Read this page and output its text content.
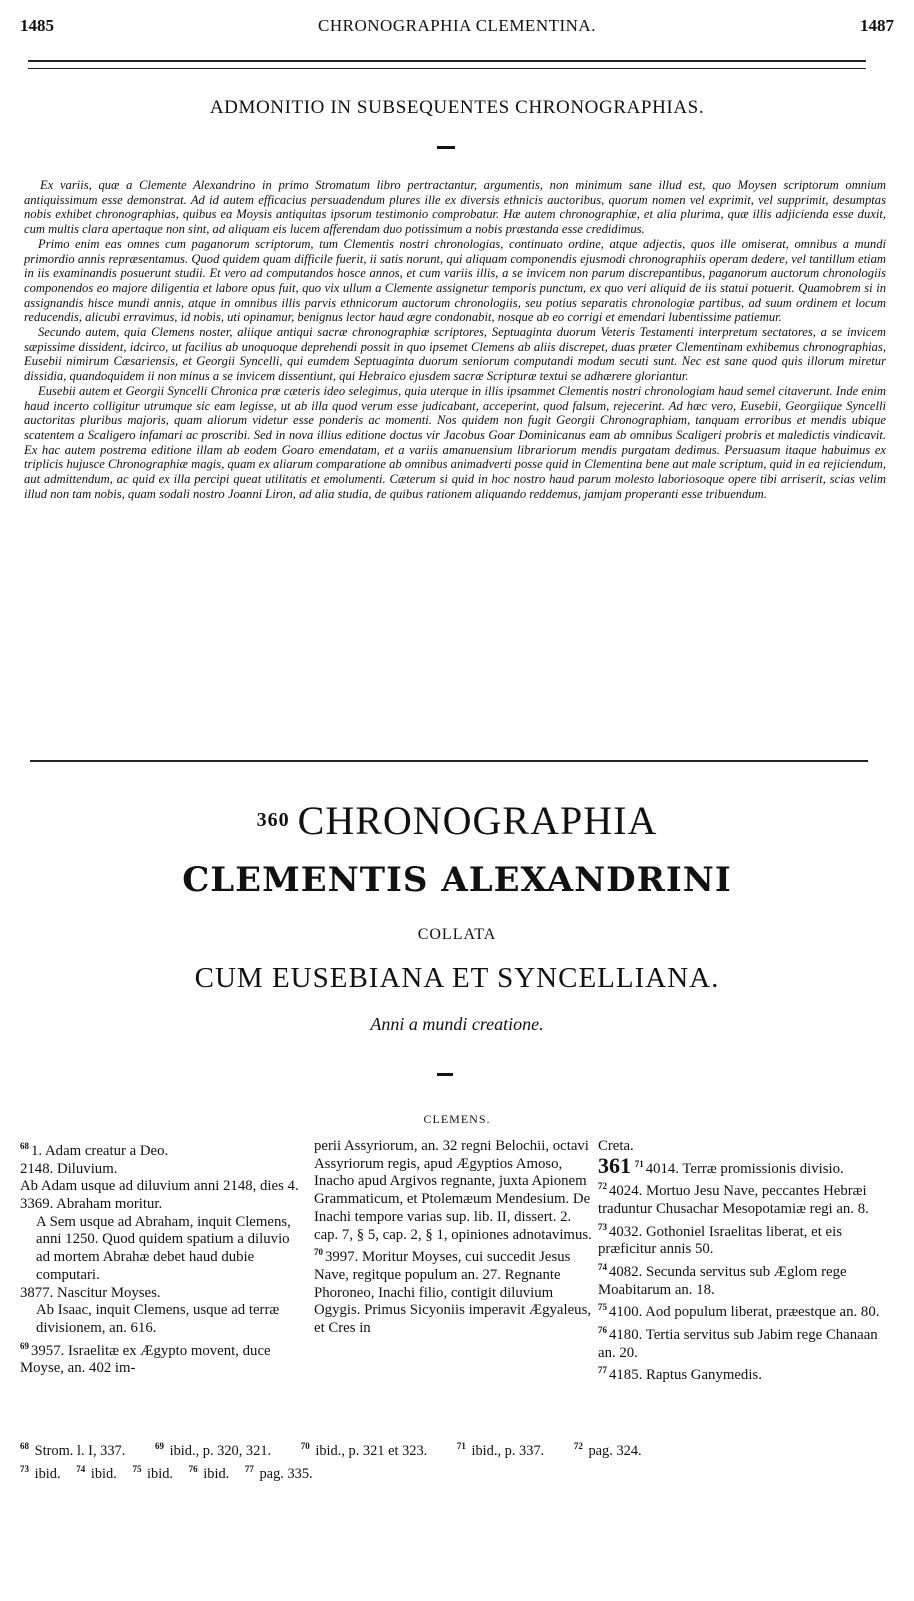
1485	CHRONOGRAPHIA CLEMENTINA.	1487
ADMONITIO IN SUBSEQUENTES CHRONOGRAPHIAS.

Ex variis, quæ a Clemente Alexandrino in primo Stromatum libro pertractantur, argumentis, non minimum sane illud est, quo Moysen scriptorum omnium antiquissimum esse demonstrat. Ad id autem efficacius persuadendum plures ille ex diversis ethnicis auctoribus, quorum nomen vel exprimit, vel supprimit, desumptas nobis exhibet chronographias, quibus ea Moysis antiquitas ipsorum testimonio comprobatur. Hæ autem chronographiæ, et alia plurima, quæ illis adjicienda esse duxit, cum multis clara apertaque non sint, ad aliquam eis lucem afferendam duo potissimum a nobis præstanda esse credidimus.

Primo enim eas omnes cum paganorum scriptorum, tum Clementis nostri chronologias, continuato ordine, atque adjectis, quos ille omiserat, omnibus a mundi primordio annis repræsentamus. Quod quidem quam difficile fuerit, ii satis norunt, qui aliquam componendis ejusmodi chronographiis operam dedere, vel tantillum etiam in iis examinandis posuerunt studii. Et vero ad computandos hosce annos, et cum variis illis, a se invicem non parum discrepantibus, paganorum auctorum chronologiis componendos eo majore diligentia et labore opus fuit, quo vix ullum a Clemente assignetur temporis punctum, ex quo veri aliquid de iis statui potuerit. Quamobrem si in assignandis hisce mundi annis, atque in omnibus illis parvis ethnicorum auctorum chronologiis, seu potius separatis chronologiæ partibus, ad suum ordinem et locum reducendis, alicubi erravimus, id nobis, uti opinamur, benignus lector haud ægre condonabit, nosque ab eo corrigi et emendari lubentissime patiemur.

Secundo autem, quia Clemens noster, aliique antiqui sacræ chronographiæ scriptores, Septuaginta duorum Veteris Testamenti interpretum sectatores, a se invicem sæpissime dissident, idcirco, ut facilius ab unoquoque deprehendi possit in quo ipsemet Clemens ab aliis discrepet, duas præter Clementinam exhibemus chronographias, Eusebii nimirum Cæsariensis, et Georgii Syncelli, qui eumdem Septuaginta duorum seniorum computandi modum secuti sunt. Nec est sane quod quis illorum miretur dissidia, quandoquidem ii non minus a se invicem dissentiunt, qui Hebraico ejusdem sacræ Scripturæ textui se adhærere gloriantur.

Eusebii autem et Georgii Syncelli Chronica præ cæteris ideo selegimus, quia uterque in illis ipsammet Clementis nostri chronologiam haud semel citaverunt. Inde enim haud incerto colligitur utrumque sic eam legisse, ut ab illa quod verum esse judicabant, acceperint, quod falsum, rejecerint. Ad hæc vero, Eusebii, Georgiique Syncelli auctoritas pluribus majoris, quam aliorum videtur esse ponderis ac momenti. Nos quidem non fugit Georgii Chronographiam, tanquam erroribus et mendis ubique scatentem a Scaligero infamari ac proscribi. Sed in nova illius editione doctus vir Jacobus Goar Dominicanus eam ab omnibus Scaligeri probris et maledictis vindicavit. Ex hac autem postrema editione illam ab eodem Goaro emendatam, et a variis amanuensium librariorum mendis purgatam dedimus. Persuasum itaque habuimus ex triplicis hujusce Chronographiæ magis, quam ex aliarum comparatione ab omnibus animadverti posse quid in Clementina bene aut male scriptum, quid in ea rejiciendum, aut admittendum, ac quid ex illa percipi queat utilitatis et emolumenti. Cæterum si quid in hoc nostro haud parum molesto laboriosoque opere tibi arriserit, scias velim illud non tam nobis, quam sodali nostro Joanni Liron, ad alia studia, de quibus rationem aliquando reddemus, jamjam properanti esse tribuendum.

$^{360}$ CHRONOGRAPHIA
CLEMENTIS ALEXANDRINI
COLLATA
CUM EUSEBIANA ET SYNCELLIANA.
Anni a mundi creatione.
CLEMENS.

$^{68}$ 1. Adam creatur a Deo.

2148. Diluvium.

Ab Adam usque ad diluvium anni 2148, dies 4.

3369. Abraham moritur.

A Sem usque ad Abraham, inquit Clemens, anni 1250. Quod quidem spatium a diluvio ad mortem Abrahæ debet haud dubie computari.

3877. Nascitur Moyses.

Ab Isaac, inquit Clemens, usque ad terræ divisionem, an. 616.

$^{69}$ 3957. Israelitæ ex Ægypto movent, duce Moyse, an. 402 im-

perii Assyriorum, an. 32 regni Belochii, octavi Assyriorum regis, apud Ægyptios Amoso, Inacho apud Argivos regnante, juxta Apionem Grammaticum, et Ptolemæum Mendesium. De Inachi tempore varias sup. lib. II, dissert. 2. cap. 7, § 5, cap. 2, § 1, opiniones adnotavimus.

$^{70}$ 3997. Moritur Moyses, cui succedit Jesus Nave, regitque populum an. 27. Regnante Phoroneo, Inachi filio, contigit diluvium Ogygis. Primus Sicyoniis imperavit Ægyaleus, et Cres in

Creta.

361 $^{71}$ 4014. Terræ promissionis divisio.

$^{72}$ 4024. Mortuo Jesu Nave, peccantes Hebræi traduntur Chusachar Mesopotamiæ regi an. 8.

$^{73}$ 4032. Gothoniel Israelitas liberat, et eis præficitur annis 50.

$^{74}$ 4082. Secunda servitus sub Æglom rege Moabitarum an. 18.

$^{75}$ 4100. Aod populum liberat, præestque an. 80.

$^{76}$ 4180. Tertia servitus sub Jabim rege Chanaan an. 20.

$^{77}$ 4185. Raptus Ganymedis.

$^{68}$ Strom. l. I, 337.	$^{69}$ ibid., p. 320, 321.	$^{70}$ ibid., p. 321 et 323.	$^{71}$ ibid., p. 337.	$^{72}$ pag. 324.
$^{73}$ ibid. $^{74}$ ibid. $^{75}$ ibid. $^{76}$ ibid. $^{77}$ pag. 335.
